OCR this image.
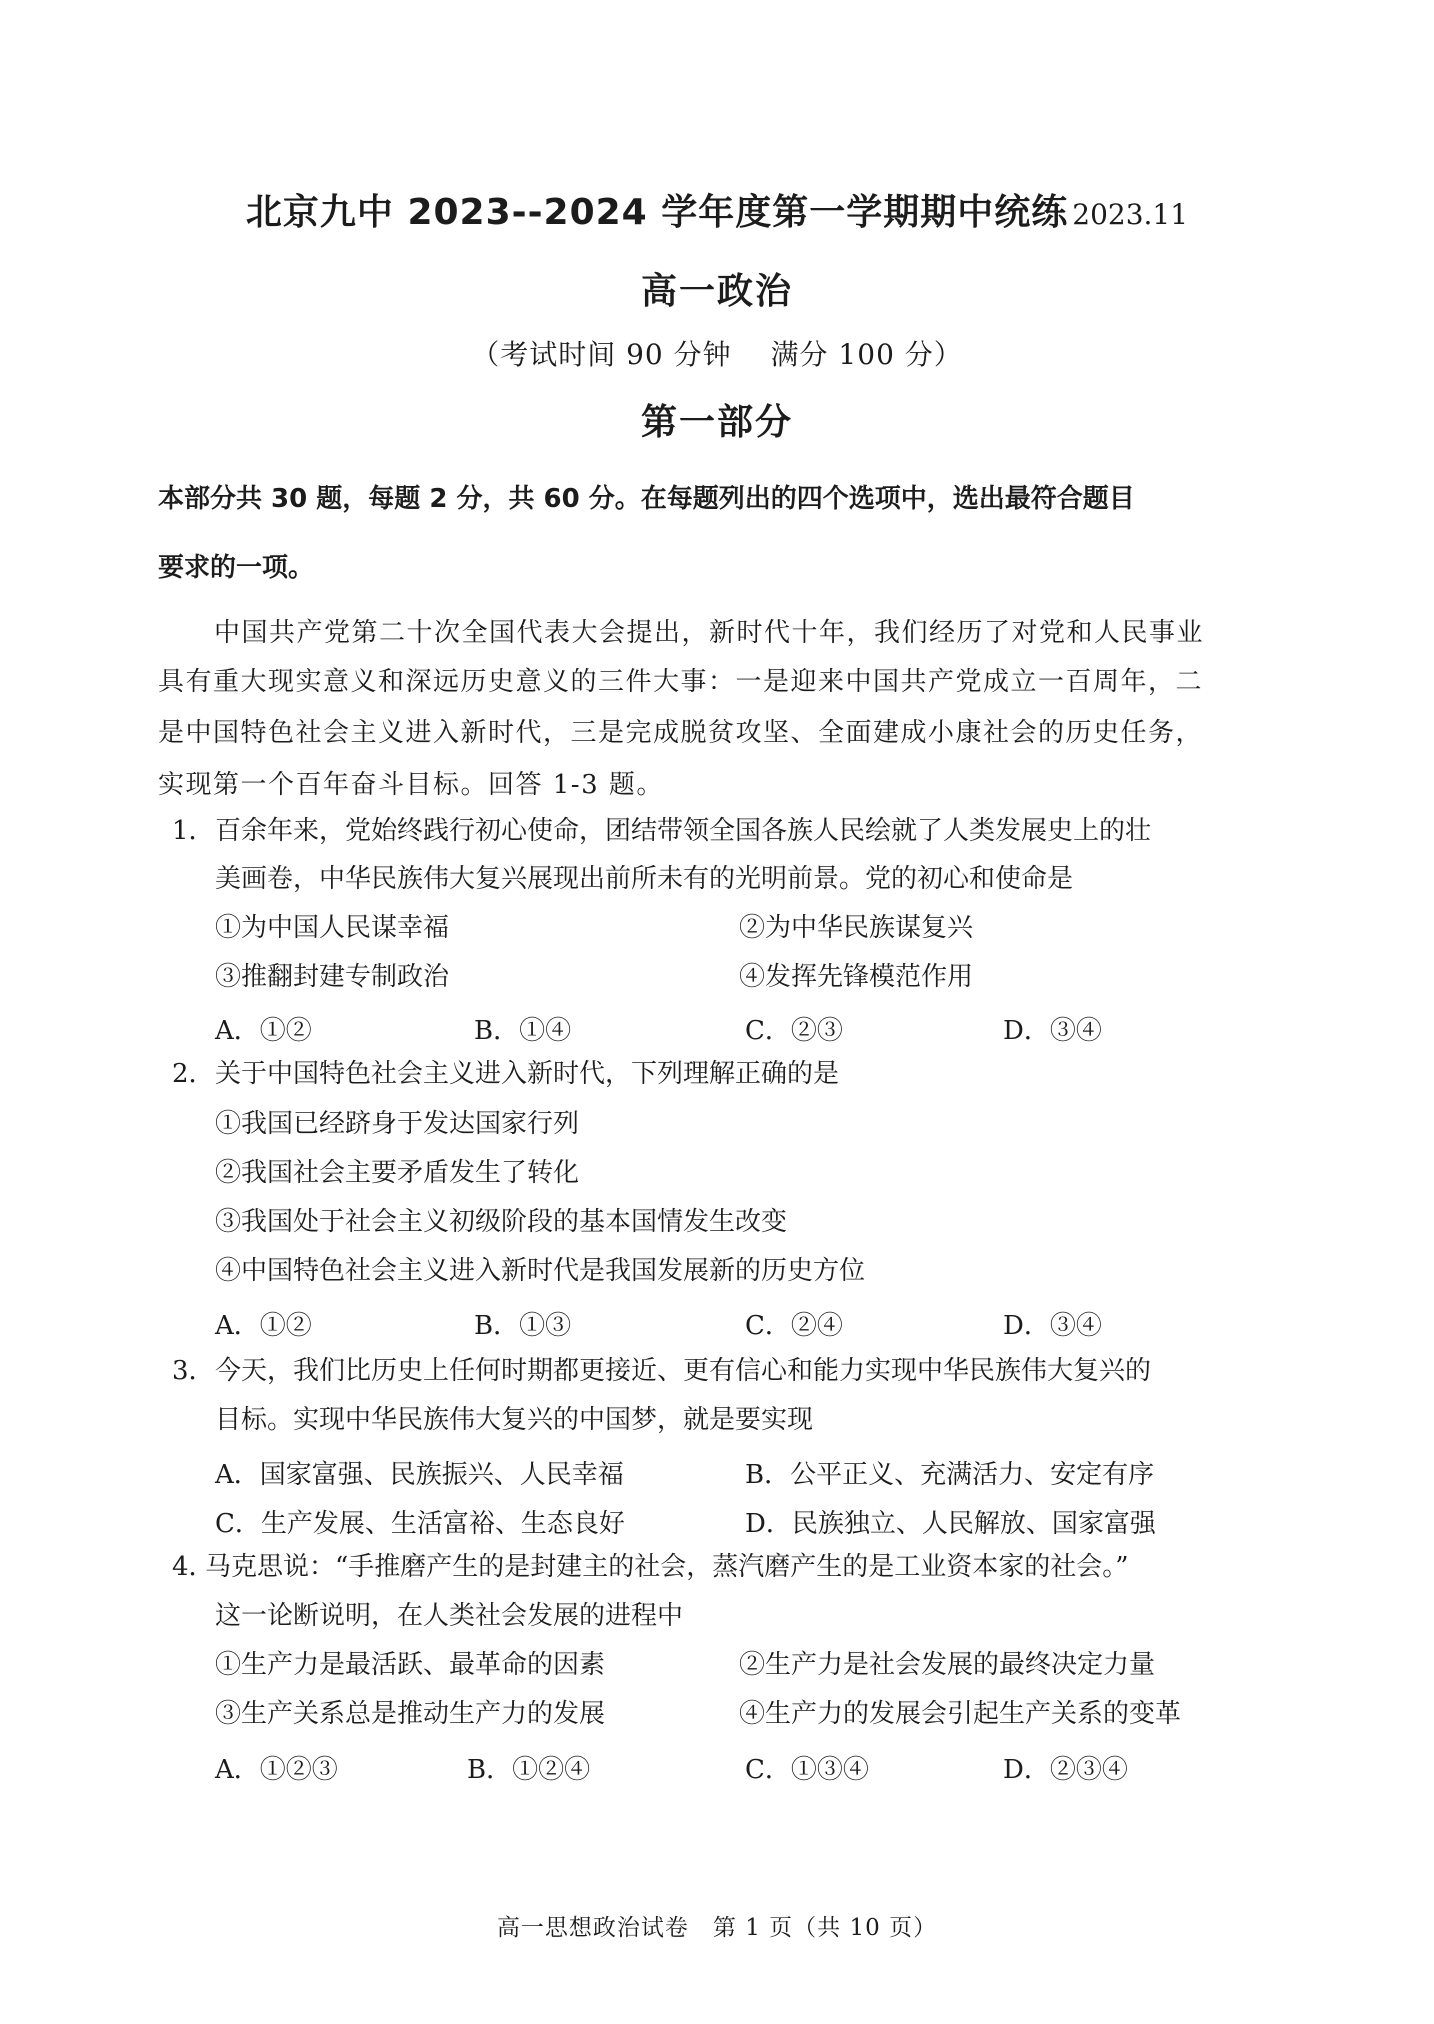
北京九中 2023--2024 学年度第一学期期中统练 2023.11
高一政治
（考试时间 90 分钟　 满分 100 分）
第一部分
本部分共 30 题，每题 2 分，共 60 分。在每题列出的四个选项中，选出最符合题目
要求的一项。
中国共产党第二十次全国代表大会提出，新时代十年，我们经历了对党和人民事业
具有重大现实意义和深远历史意义的三件大事：一是迎来中国共产党成立一百周年，二
是中国特色社会主义进入新时代，三是完成脱贫攻坚、全面建成小康社会的历史任务，
实现第一个百年奋斗目标。回答 1-3 题。
1． 百余年来，党始终践行初心使命，团结带领全国各族人民绘就了人类发展史上的壮
美画卷，中华民族伟大复兴展现出前所未有的光明前景。党的初心和使命是
①为中国人民谋幸福	②为中华民族谋复兴
③推翻封建专制政治	④发挥先锋模范作用
A．①②	B．①④	C．②③	D．③④
2． 关于中国特色社会主义进入新时代，下列理解正确的是
①我国已经跻身于发达国家行列
②我国社会主要矛盾发生了转化
③我国处于社会主义初级阶段的基本国情发生改变
④中国特色社会主义进入新时代是我国发展新的历史方位
A．①②	B．①③	C．②④	D．③④
3． 今天，我们比历史上任何时期都更接近、更有信心和能力实现中华民族伟大复兴的
目标。实现中华民族伟大复兴的中国梦，就是要实现
A．国家富强、民族振兴、人民幸福	B．公平正义、充满活力、安定有序
C．生产发展、生活富裕、生态良好	D．民族独立、人民解放、国家富强
4．
马克思说：“手推磨产生的是封建主的社会，蒸汽磨产生的是工业资本家的社会。”
这一论断说明，在人类社会发展的进程中
①生产力是最活跃、最革命的因素	②生产力是社会发展的最终决定力量
③生产关系总是推动生产力的发展	④生产力的发展会引起生产关系的变革
A．①②③	B．①②④	C．①③④	D．②③④
高一思想政治试卷　第 1 页（共 10 页）
